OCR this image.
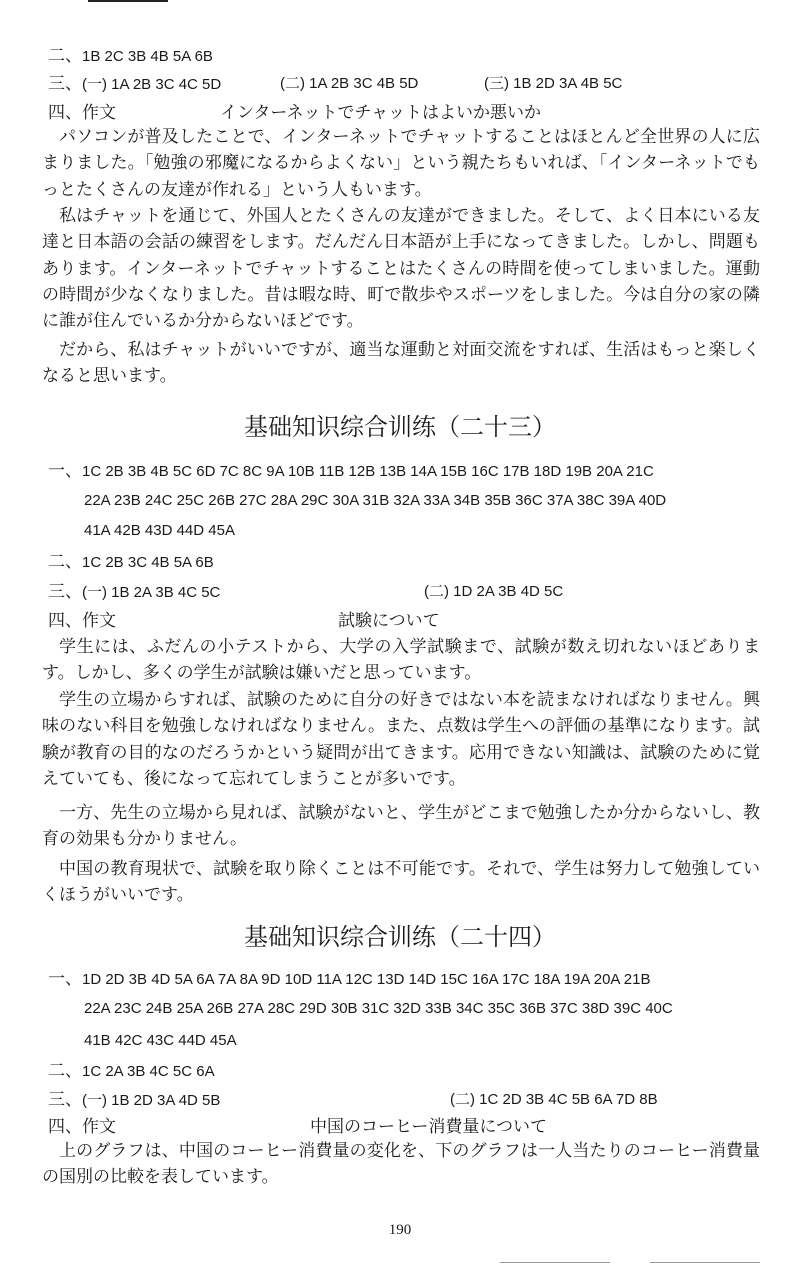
二、1B 2C 3B 4B 5A 6B
三、(一) 1A 2B 3C 4C 5D	(二) 1A 2B 3C 4B 5D	(三) 1B 2D 3A 4B 5C
四、作文	インターネットでチャットはよいか悪いか
パソコンが普及したことで、インターネットでチャットすることはほとんど全世界の人に広まりました。「勉強の邪魔になるからよくない」という親たちもいれば、「インターネットでもっとたくさんの友達が作れる」という人もいます。
私はチャットを通じて、外国人とたくさんの友達ができました。そして、よく日本にいる友達と日本語の会話の練習をします。だんだん日本語が上手になってきました。しかし、問題もあります。インターネットでチャットすることはたくさんの時間を使ってしまいました。運動の時間が少なくなりました。昔は暇な時、町で散歩やスポーツをしました。今は自分の家の隣に誰が住んでいるか分からないほどです。
だから、私はチャットがいいですが、適当な運動と対面交流をすれば、生活はもっと楽しくなると思います。
基础知识综合训练（二十三）
一、1C 2B 3B 4B 5C 6D 7C 8C 9A 10B 11B 12B 13B 14A 15B 16C 17B 18D 19B 20A 21C
22A 23B 24C 25C 26B 27C 28A 29C 30A 31B 32A 33A 34B 35B 36C 37A 38C 39A 40D
41A 42B 43D 44D 45A
二、1C 2B 3C 4B 5A 6B
三、(一) 1B 2A 3B 4C 5C	(二) 1D 2A 3B 4D 5C
四、作文	試験について
学生には、ふだんの小テストから、大学の入学試験まで、試験が数え切れないほどあります。しかし、多くの学生が試験は嫌いだと思っています。
学生の立場からすれば、試験のために自分の好きではない本を読まなければなりません。興味のない科目を勉強しなければなりません。また、点数は学生への評価の基準になります。試験が教育の目的なのだろうかという疑問が出てきます。応用できない知識は、試験のために覚えていても、後になって忘れてしまうことが多いです。
一方、先生の立場から見れば、試験がないと、学生がどこまで勉強したか分からないし、教育の効果も分かりません。
中国の教育現状で、試験を取り除くことは不可能です。それで、学生は努力して勉強していくほうがいいです。
基础知识综合训练（二十四）
一、1D 2D 3B 4D 5A 6A 7A 8A 9D 10D 11A 12C 13D 14D 15C 16A 17C 18A 19A 20A 21B
22A 23C 24B 25A 26B 27A 28C 29D 30B 31C 32D 33B 34C 35C 36B 37C 38D 39C 40C
41B 42C 43C 44D 45A
二、1C 2A 3B 4C 5C 6A
三、(一) 1B 2D 3A 4D 5B	(二) 1C 2D 3B 4C 5B 6A 7D 8B
四、作文	中国のコーヒー消費量について
上のグラフは、中国のコーヒー消費量の変化を、下のグラフは一人当たりのコーヒー消費量の国別の比較を表しています。
190
